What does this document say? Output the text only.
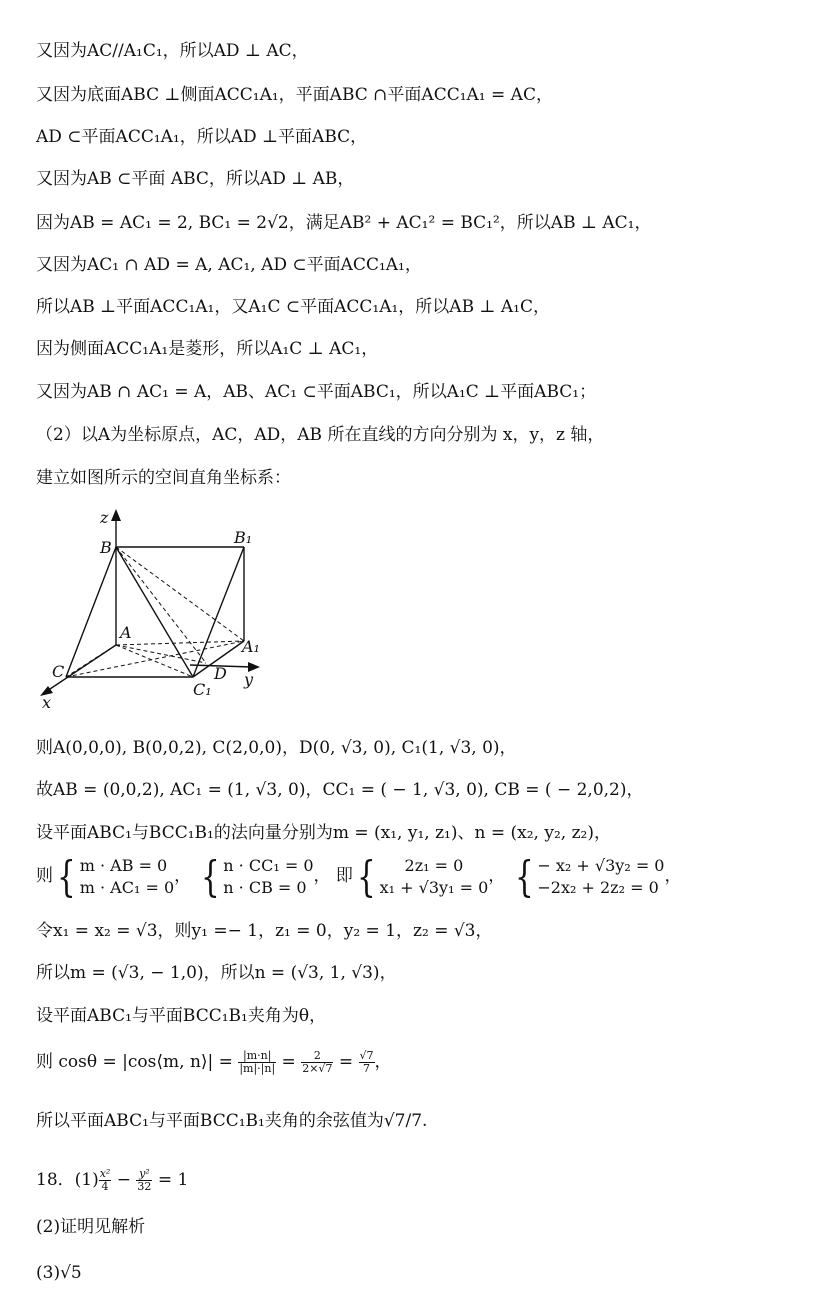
又因为AC//A₁C₁，所以AD ⊥ AC，
又因为底面ABC ⊥侧面ACC₁A₁，平面ABC ∩平面ACC₁A₁ = AC，
AD ⊂平面ACC₁A₁，所以AD ⊥平面ABC，
又因为AB ⊂平面 ABC，所以AD ⊥ AB，
因为AB = AC₁ = 2, BC₁ = 2√2，满足AB² + AC₁² = BC₁²，所以AB ⊥ AC₁，
又因为AC₁ ∩ AD = A, AC₁, AD ⊂平面ACC₁A₁，
所以AB ⊥平面ACC₁A₁，又A₁C ⊂平面ACC₁A₁，所以AB ⊥ A₁C，
因为侧面ACC₁A₁是菱形，所以A₁C ⊥ AC₁，
又因为AB ∩ AC₁ = A，AB、AC₁ ⊂平面ABC₁，所以A₁C ⊥平面ABC₁；
（2）以A为坐标原点，AC，AD，AB 所在直线的方向分别为 x，y，z 轴，
建立如图所示的空间直角坐标系：
z
B
B₁
A
A₁
C
C₁
D y
x
则A(0,0,0), B(0,0,2), C(2,0,0)，D(0, √3, 0), C₁(1, √3, 0)，
故AB = (0,0,2), AC₁ = (1, √3, 0)，CC₁ = ( − 1, √3, 0), CB = ( − 2,0,2)，
设平面ABC₁与BCC₁B₁的法向量分别为m = (x₁, y₁, z₁)、n = (x₂, y₂, z₂)，
则{ m · AB = 0
m · AC₁ = 0
， { n · CC₁ = 0
n · CB = 0
， 即{	2z₁ = 0
x₁ + √3y₁ = 0
， { − x₂ + √3y₂ = 0
−2x₂ + 2z₂ = 0
，
令x₁ = x₂ = √3，则y₁ =− 1，z₁ = 0，y₂ = 1，z₂ = √3，
所以m = (√3, − 1,0)，所以n = (√3, 1, √3)，
设平面ABC₁与平面BCC₁B₁夹角为θ，
则 cosθ = |cos⟨m, n⟩| = $\frac{|m\cdot n|}{|m|\cdot|n|} = \frac{2}{2\times√7} = \frac{√7}{7}$ ，
所以平面ABC₁与平面BCC₁B₁夹角的余弦值为√7/7.
18．$(1) \frac{\text{x²}}{4} - \frac{\text{y²}}{32} = 1$
(2)证明见解析
(3)√5
